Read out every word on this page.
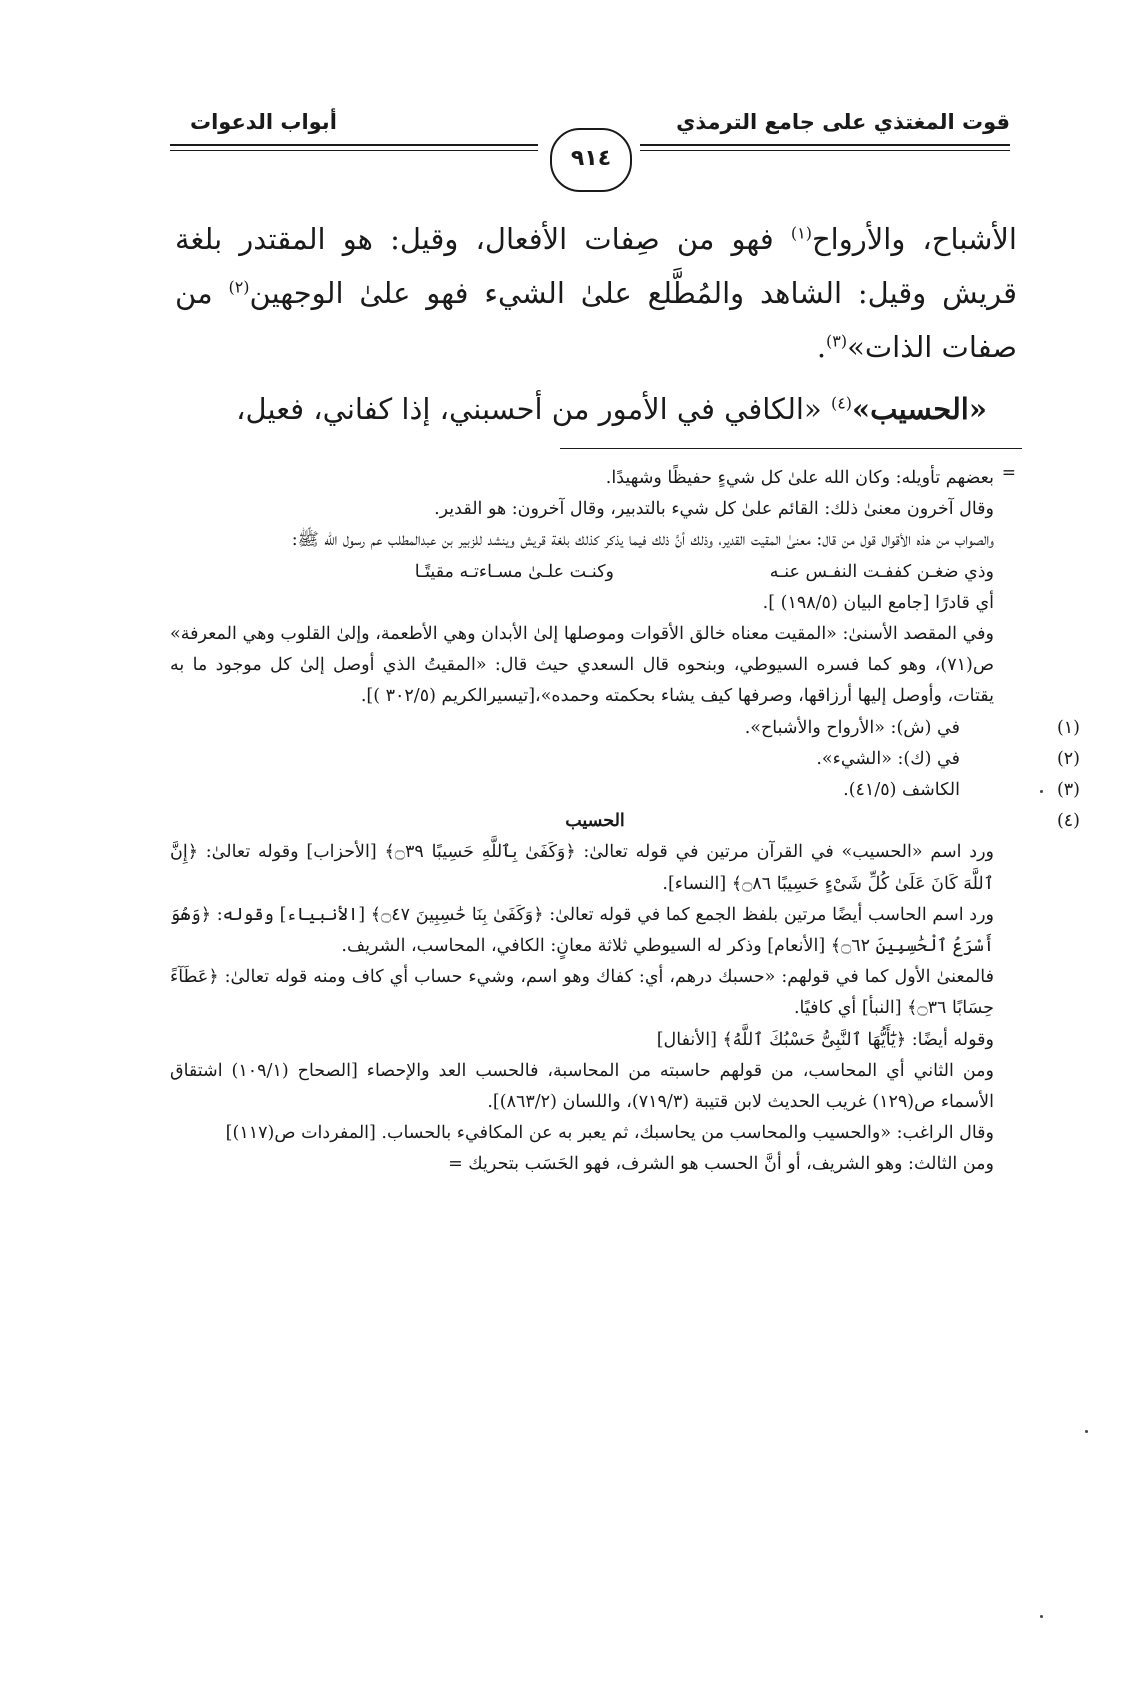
قوت المغتذي على جامع الترمذي
أبواب الدعوات
٩١٤

الأشباح، والأرواح$^{(١)}$ فهو من صِفات الأفعال، وقيل: هو المقتدر بلغة قريش وقيل: الشاهد والمُطَّلع علىٰ الشيء فهو علىٰ الوجهين$^{(٢)}$ من صفات الذات»$^{(٣)}$.

«الحسيب»$^{(٤)}$ «الكافي في الأمور من أحسبني، إذا كفاني، فعيل،

=

بعضهم تأويله: وكان الله علىٰ كل شيءٍ حفيظًا وشهيدًا.

وقال آخرون معنىٰ ذلك: القائم علىٰ كل شيء بالتدبير، وقال آخرون: هو القدير.

والصواب من هذه الأقوال قول من قال: معنىٰ المقيت القدير، وذلك أنَّ ذلك فيما يذكر كذلك بلغة قريش وينشد للزبير بن عبدالمطلب عم رسول الله ﷺ:

وذي ضغـن كففـت النفـس عنـه
وكنـت علـىٰ مسـاءتـه مقيتًـا

أي قادرًا [جامع البيان (١٩٨/٥) ].

وفي المقصد الأسنىٰ: «المقيت معناه خالق الأقوات وموصلها إلىٰ الأبدان وهي الأطعمة، وإلىٰ القلوب وهي المعرفة» ص(٧١)، وهو كما فسره السيوطي، وبنحوه قال السعدي حيث قال: «المقيتُ الذي أوصل إلىٰ كل موجود ما به يقتات، وأوصل إليها أرزاقها، وصرفها كيف يشاء بحكمته وحمده»،[تيسيرالكريم (٣٠٢/٥ )].

(١)
في (ش): «الأرواح والأشباح».
(٢)
في (ك): «الشيء».
(٣)
الكاشف (٤١/٥).
(٤)
الحسيب

ورد اسم «الحسيب» في القرآن مرتين في قوله تعالىٰ: ﴿وَكَفَىٰ بِٱللَّهِ حَسِيبًا ۝٣٩﴾ [الأحزاب] وقوله تعالىٰ: ﴿إِنَّ ٱللَّهَ كَانَ عَلَىٰ كُلِّ شَىْءٍ حَسِيبًا ۝٨٦﴾ [النساء].

ورد اسم الحاسب أيضًا مرتين بلفظ الجمع كما في قوله تعالىٰ: ﴿وَكَفَىٰ بِنَا حَٰسِبِينَ ۝٤٧﴾ [الأنبياء] وقوله: ﴿وَهُوَ أَسْرَعُ ٱلْحَٰسِبِينَ ۝٦٢﴾ [الأنعام] وذكر له السيوطي ثلاثة معانٍ: الكافي، المحاسب، الشريف.

فالمعنىٰ الأول كما في قولهم: «حسبك درهم، أي: كفاك وهو اسم، وشيء حساب أي كاف ومنه قوله تعالىٰ: ﴿عَطَآءً حِسَابًا ۝٣٦﴾ [النبأ] أي كافيًا.

وقوله أيضًا: ﴿يَٰٓأَيُّهَا ٱلنَّبِىُّ حَسْبُكَ ٱللَّهُ﴾ [الأنفال]

ومن الثاني أي المحاسب، من قولهم حاسبته من المحاسبة، فالحسب العد والإحصاء [الصحاح (١٠٩/١) اشتقاق الأسماء ص(١٢٩) غريب الحديث لابن قتيبة (٧١٩/٣)، واللسان (٨٦٣/٢)].

وقال الراغب: «والحسيب والمحاسب من يحاسبك، ثم يعبر به عن المكافيء بالحساب. [المفردات ص(١١٧)]

ومن الثالث: وهو الشريف، أو أنَّ الحسب هو الشرف، فهو الحَسَب بتحريك =
